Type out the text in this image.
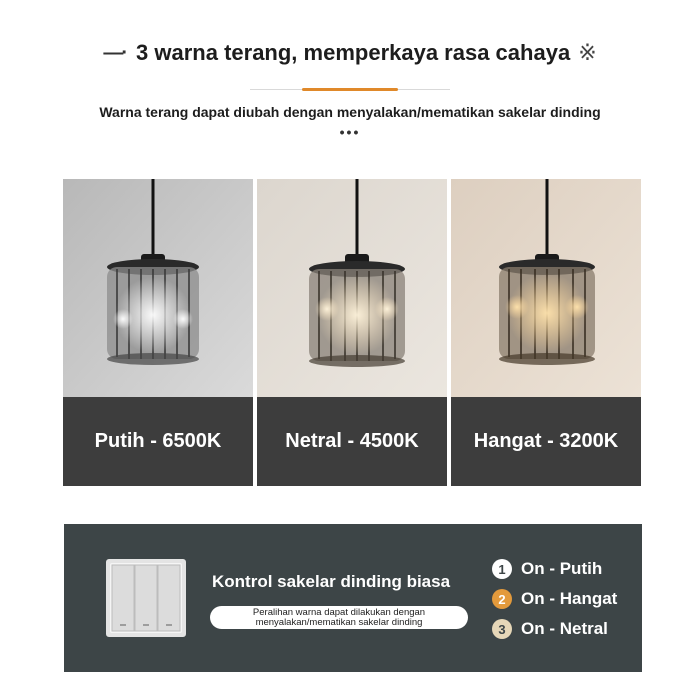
—· 3 warna terang, memperkaya rasa cahaya ※
Warna terang dapat diubah dengan menyalakan/mematikan sakelar dinding
•••
Putih - 6500K	Netral - 4500K	Hangat - 3200K
Kontrol sakelar dinding biasa
Peralihan warna dapat dilakukan dengan
menyalakan/mematikan sakelar dinding
1 On - Putih
2 On - Hangat
3 On - Netral
